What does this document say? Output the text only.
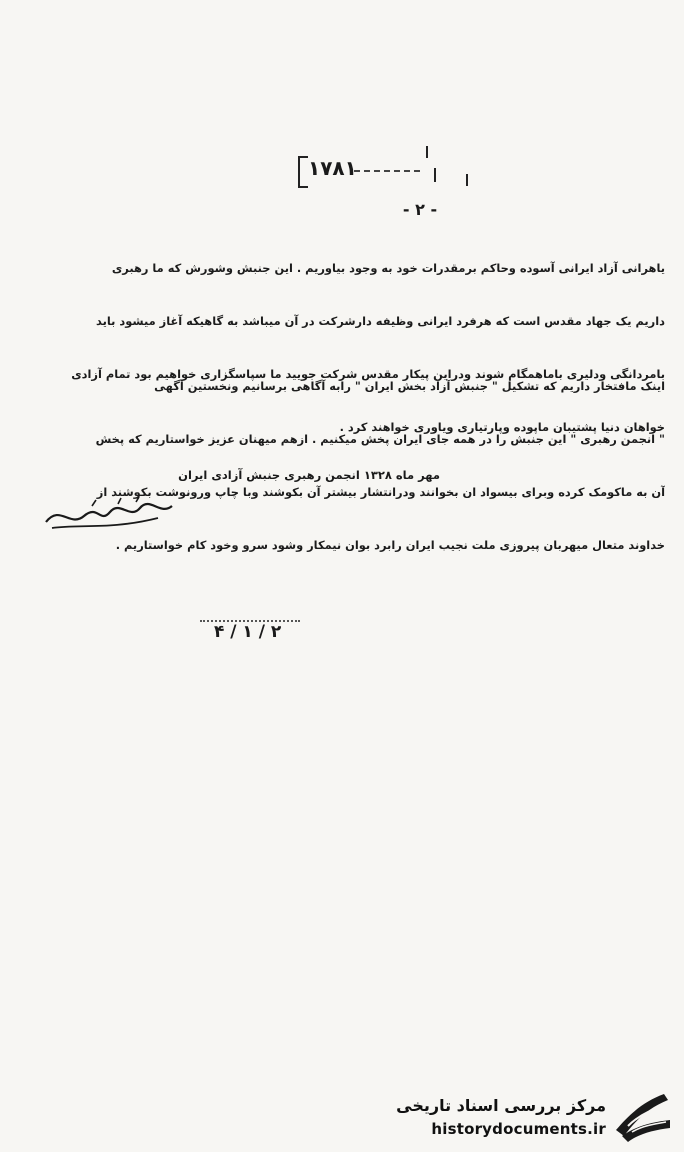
۱۷۸۱
- ۲ -

یاهرانی آزاد ایرانی آسوده وحاکم برمقدرات خود به وجود بیاوریم . این جنبش وشورش که ما رهبری

داریم یک جهاد مقدس است که هرفرد ایرانی وظیفه دارشرکت در آن میباشد به گاهیکه آغاز میشود باید

بامردانگی ودلیری باماهمگام شوند ودراین پیکار مقدس شرکت جویید ما سپاسگزاری خواهیم بود تمام آزادی

خواهان دنیا پشتیبان ماپوده وپارتیاری ویاوری خواهند کرد .

اینک مافتخار داریم که تشکیل " جنبش آزاد بخش ایران " رابه آگاهی برسانیم ونخستین آگهی

" انجمن رهبری " این جنبش را در همه جای ایران پخش میکنیم . ازهم میهنان عزیز خواستاریم که پخش

آن به ماکومک کرده وبرای بیسواد ان بخوانند ودرانتشار بیشتر آن بکوشند وبا چاپ ورونوشت بکوشند از

خداوند متعال میهربان پیروزی ملت نجیب ایران رابرد بوان نیمکار وشود سرو وخود کام خواستاریم .

مهر ماه ۱۳۲۸ انجمن رهبری جنبش آزادی ایران
۴ / ۱ / ۲
مرکز بررسی اسناد تاریخی
historydocuments.ir
